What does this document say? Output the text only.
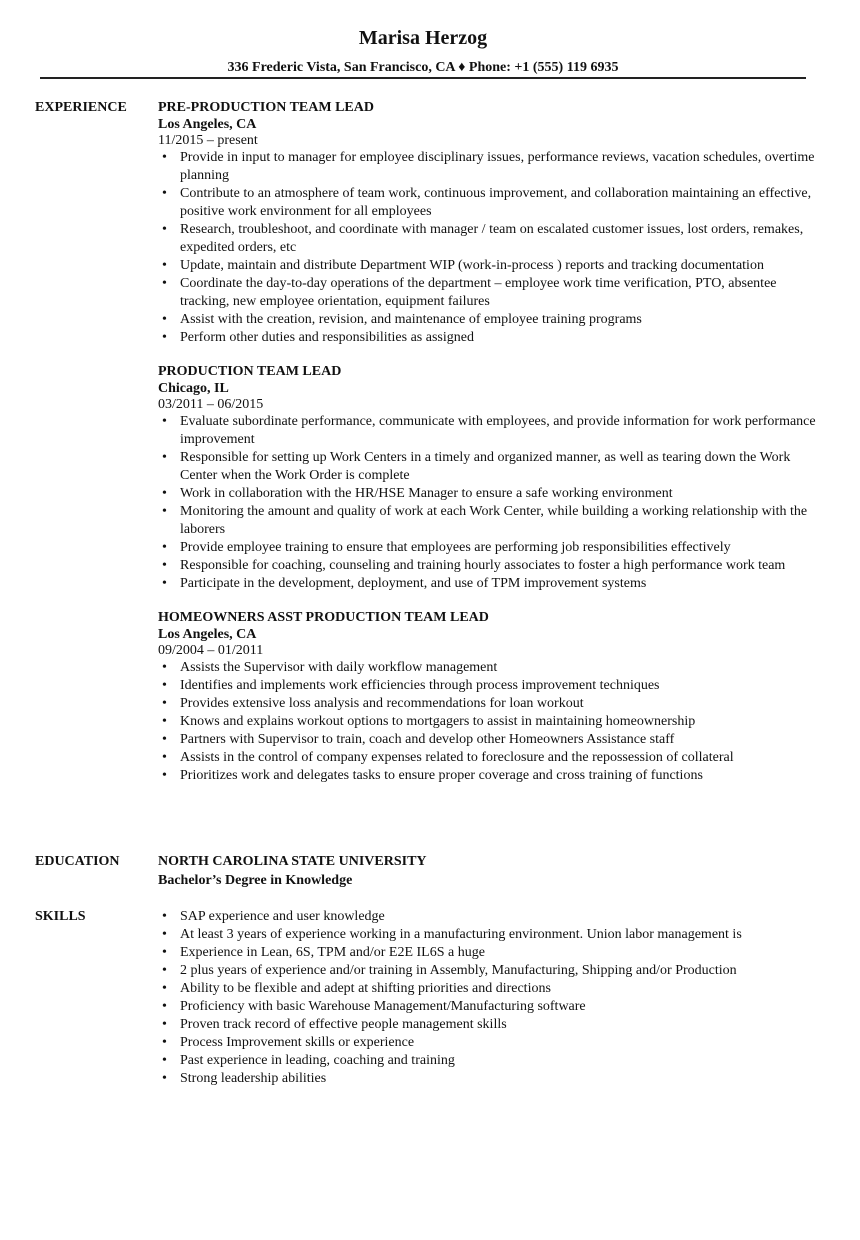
Marisa Herzog
336 Frederic Vista, San Francisco, CA ♦ Phone: +1 (555) 119 6935
EXPERIENCE	PRE-PRODUCTION TEAM LEAD
Los Angeles, CA
11/2015 – present
• Provide in input to manager for employee disciplinary issues, performance reviews, vacation schedules, overtime planning
• Contribute to an atmosphere of team work, continuous improvement, and collaboration maintaining an effective, positive work environment for all employees
• Research, troubleshoot, and coordinate with manager / team on escalated customer issues, lost orders, remakes, expedited orders, etc
• Update, maintain and distribute Department WIP (work-in-process ) reports and tracking documentation
• Coordinate the day-to-day operations of the department – employee work time verification, PTO, absentee tracking, new employee orientation, equipment failures
• Assist with the creation, revision, and maintenance of employee training programs
• Perform other duties and responsibilities as assigned
PRODUCTION TEAM LEAD
Chicago, IL
03/2011 – 06/2015
• Evaluate subordinate performance, communicate with employees, and provide information for work performance improvement
• Responsible for setting up Work Centers in a timely and organized manner, as well as tearing down the Work Center when the Work Order is complete
• Work in collaboration with the HR/HSE Manager to ensure a safe working environment
• Monitoring the amount and quality of work at each Work Center, while building a working relationship with the laborers
• Provide employee training to ensure that employees are performing job responsibilities effectively
• Responsible for coaching, counseling and training hourly associates to foster a high performance work team
• Participate in the development, deployment, and use of TPM improvement systems
HOMEOWNERS ASST PRODUCTION TEAM LEAD
Los Angeles, CA
09/2004 – 01/2011
• Assists the Supervisor with daily workflow management
• Identifies and implements work efficiencies through process improvement techniques
• Provides extensive loss analysis and recommendations for loan workout
• Knows and explains workout options to mortgagers to assist in maintaining homeownership
• Partners with Supervisor to train, coach and develop other Homeowners Assistance staff
• Assists in the control of company expenses related to foreclosure and the repossession of collateral
• Prioritizes work and delegates tasks to ensure proper coverage and cross training of functions
EDUCATION	NORTH CAROLINA STATE UNIVERSITY
Bachelor’s Degree in Knowledge
SKILLS
•	SAP experience and user knowledge
• At least 3 years of experience working in a manufacturing environment. Union labor management is
• Experience in Lean, 6S, TPM and/or E2E IL6S a huge
• 2 plus years of experience and/or training in Assembly, Manufacturing, Shipping and/or Production
• Ability to be flexible and adept at shifting priorities and directions
• Proficiency with basic Warehouse Management/Manufacturing software
• Proven track record of effective people management skills
• Process Improvement skills or experience
• Past experience in leading, coaching and training
• Strong leadership abilities
